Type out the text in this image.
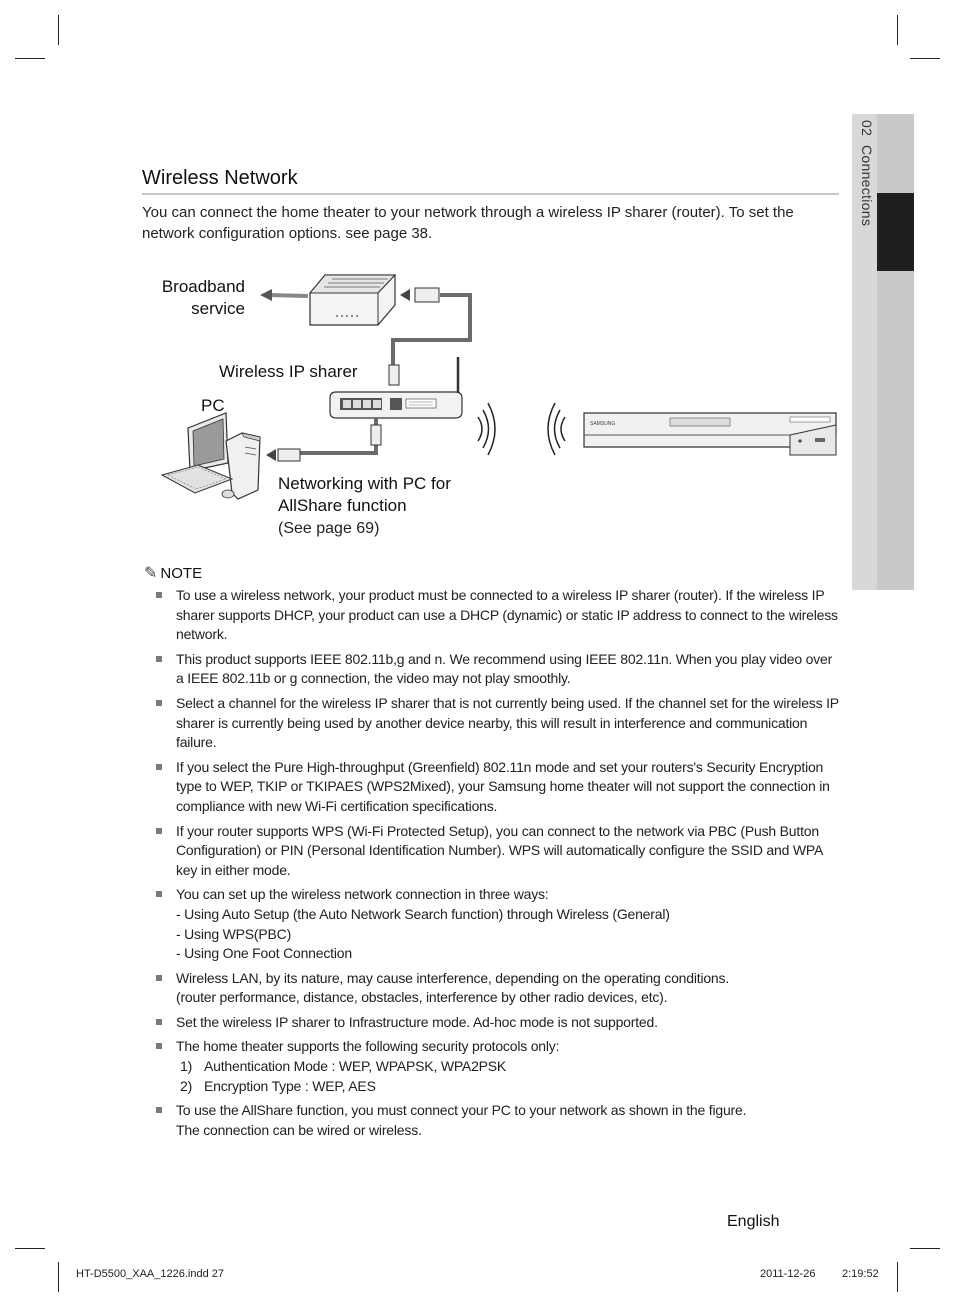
02  Connections
Wireless Network
You can connect the home theater to your network through a wireless IP sharer (router). To set the network configuration options. see page 38.
SAMSUNG
Broadband
service
Wireless IP sharer
PC
Networking with PC for
AllShare function
(See page 69)
✎ NOTE
To use a wireless network, your product must be connected to a wireless IP sharer (router). If the wireless IP sharer supports DHCP, your product can use a DHCP (dynamic) or static IP address to connect to the wireless network.
This product supports IEEE 802.11b,g and n. We recommend using IEEE 802.11n. When you play video over a IEEE 802.11b or g connection, the video may not play smoothly.
Select a channel for the wireless IP sharer that is not currently being used. If the channel set for the wireless IP sharer is currently being used by another device nearby, this will result in interference and communication failure.
If you select the Pure High-throughput (Greenfield) 802.11n mode and set your routers's Security Encryption type to WEP, TKIP or TKIPAES (WPS2Mixed), your Samsung home theater will not support the connection in compliance with new Wi-Fi certification specifications.
If your router supports WPS (Wi-Fi Protected Setup), you can connect to the network via PBC (Push Button Configuration) or PIN (Personal Identification Number). WPS will automatically configure the SSID and WPA key in either mode.
You can set up the wireless network connection in three ways:
- Using Auto Setup (the Auto Network Search function) through Wireless (General)
- Using WPS(PBC)
- Using One Foot Connection
Wireless LAN, by its nature, may cause interference, depending on the operating conditions.
(router performance, distance, obstacles, interference by other radio devices, etc).
Set the wireless IP sharer to Infrastructure mode. Ad-hoc mode is not supported.
The home theater supports the following security protocols only:
1) Authentication Mode : WEP, WPAPSK, WPA2PSK
2) Encryption Type : WEP, AES
To use the AllShare function, you must connect your PC to your network as shown in the figure.
The connection can be wired or wireless.
English
HT-D5500_XAA_1226.indd 27	2011-12-26 2:19:52
